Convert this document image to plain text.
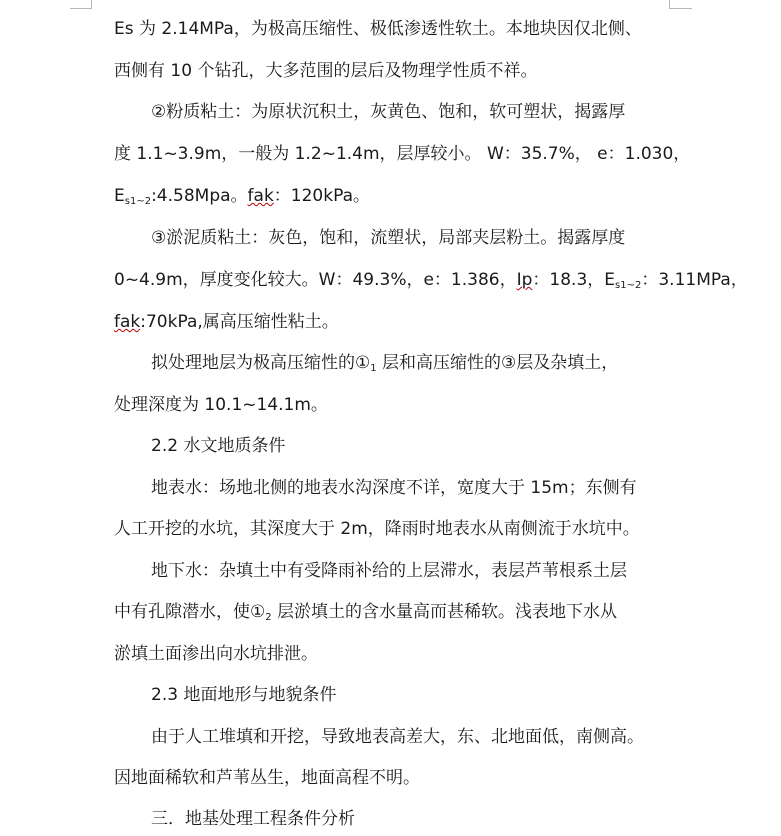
Es 为 2.14MPa，为极高压缩性、极低渗透性软土。本地块因仅北侧、
西侧有 10 个钻孔，大多范围的层后及物理学性质不祥。
②粉质粘土：为原状沉积土，灰黄色、饱和，软可塑状，揭露厚
度 1.1~3.9m，一般为 1.2~1.4m，层厚较小。 W：35.7%， e：1.030，
$E_{s1\sim 2}:4.58Mpa$。fak：120kPa。
③淤泥质粘土：灰色，饱和，流塑状，局部夹层粉土。揭露厚度
0~4.9m，厚度变化较大。W：49.3%，e：1.386，Ip：18.3，$E_{s1\sim 2}$：3.11MPa，
fak:70kPa,属高压缩性粘土。
拟处理地层为极高压缩性的$①_1$ 层和高压缩性的③层及杂填土，
处理深度为 10.1~14.1m。
2.2 水文地质条件
地表水：场地北侧的地表水沟深度不详，宽度大于 15m；东侧有
人工开挖的水坑，其深度大于 2m，降雨时地表水从南侧流于水坑中。
地下水：杂填土中有受降雨补给的上层滞水，表层芦苇根系土层
中有孔隙潜水，使$①_2$ 层淤填土的含水量高而甚稀软。浅表地下水从
淤填土面渗出向水坑排泄。
2.3 地面地形与地貌条件
由于人工堆填和开挖，导致地表高差大，东、北地面低，南侧高。
因地面稀软和芦苇丛生，地面高程不明。
三．地基处理工程条件分析
